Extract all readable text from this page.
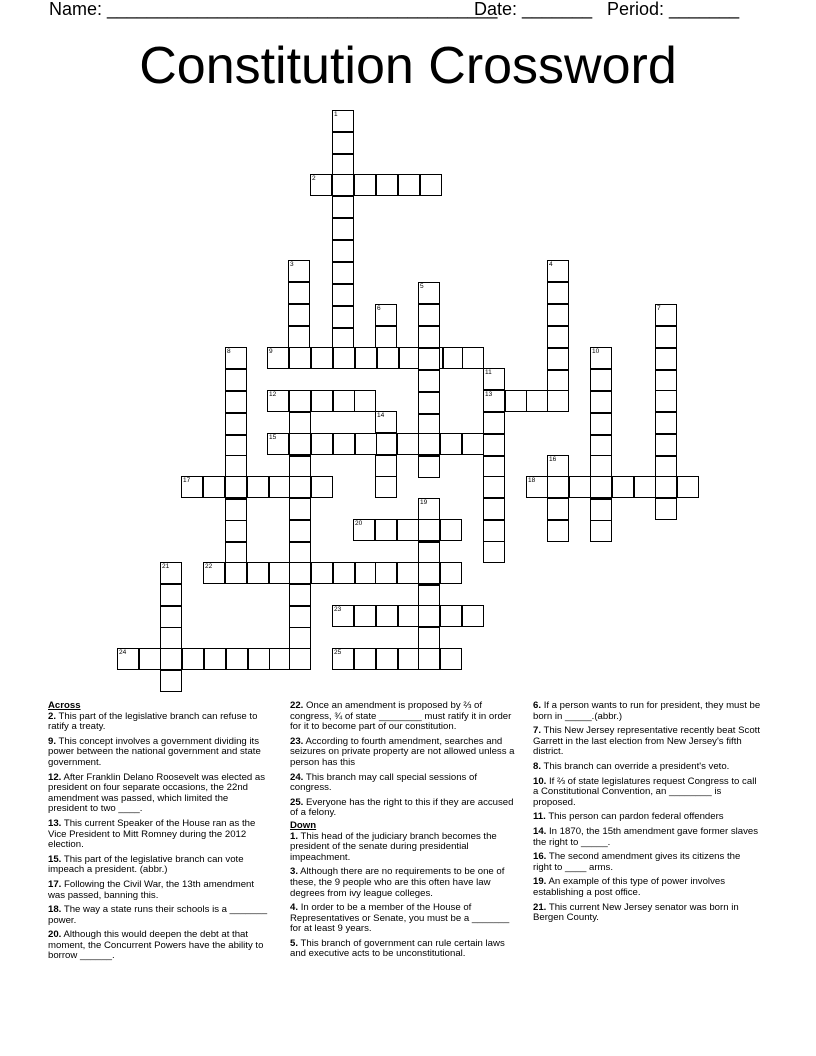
Name: _______________________________________
Date: _______ Period: _______
Constitution Crossword
1
2
3	4
5
6	7
8	9	10
11
12	13
14
15
16
17	18
19
20
21	22
23
24	25
Across
2. This part of the legislative branch can refuse to ratify a treaty.
9. This concept involves a government dividing its power between the national government and state government.
12. After Franklin Delano Roosevelt was elected as president on four separate occasions, the 22nd amendment was passed, which limited the president to two ____.
13. This current Speaker of the House ran as the Vice President to Mitt Romney during the 2012 election.
15. This part of the legislative branch can vote impeach a president. (abbr.)
17. Following the Civil War, the 13th amendment was passed, banning this.
18. The way a state runs their schools is a _______ power.
20. Although this would deepen the debt at that moment, the Concurrent Powers have the ability to borrow ______.
22. Once an amendment is proposed by ⅔ of congress, ¾ of state ________ must ratify it in order for it to become part of our constitution.
23. According to fourth amendment, searches and seizures on private property are not allowed unless a person has this
24. This branch may call special sessions of congress.
25. Everyone has the right to this if they are accused of a felony.
Down
1. This head of the judiciary branch becomes the president of the senate during presidential impeachment.
3. Although there are no requirements to be one of these, the 9 people who are this often have law degrees from ivy league colleges.
4. In order to be a member of the House of Representatives or Senate, you must be a _______ for at least 9 years.
5. This branch of government can rule certain laws and executive acts to be unconstitutional.
6. If a person wants to run for president, they must be born in _____.(abbr.)
7. This New Jersey representative recently beat Scott Garrett in the last election from New Jersey's fifth district.
8. This branch can override a president's veto.
10. If ⅔ of state legislatures request Congress to call a Constitutional Convention, an ________ is proposed.
11. This person can pardon federal offenders
14. In 1870, the 15th amendment gave former slaves the right to _____.
16. The second amendment gives its citizens the right to ____ arms.
19. An example of this type of power involves establishing a post office.
21. This current New Jersey senator was born in Bergen County.
